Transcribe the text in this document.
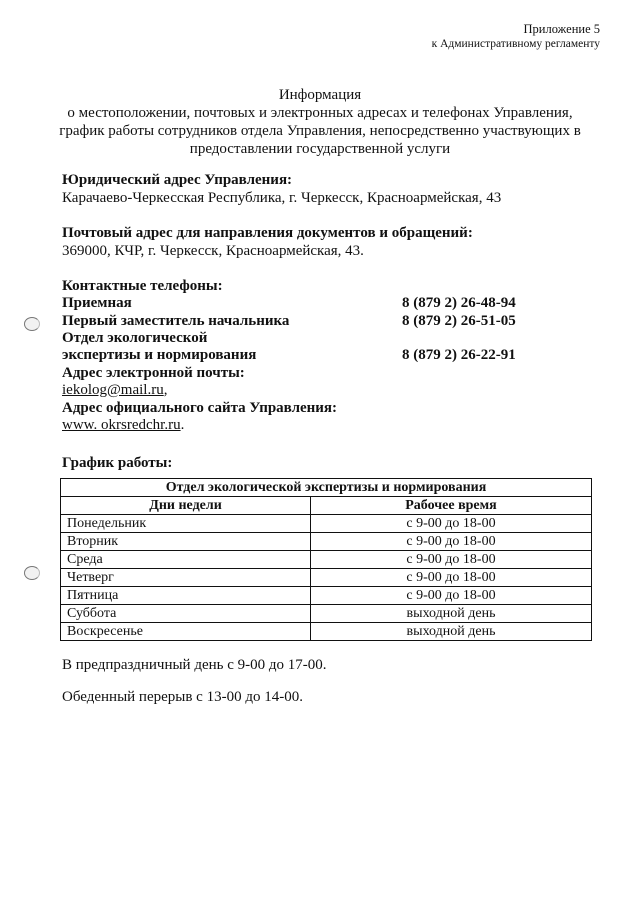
Приложение 5
к Административному регламенту
Информация
о местоположении, почтовых и электронных адресах и телефонах Управления,
график работы сотрудников отдела Управления, непосредственно участвующих в
предоставлении государственной услуги
Юридический адрес Управления:
Карачаево-Черкесская Республика, г. Черкесск, Красноармейская, 43
Почтовый адрес для направления документов и обращений:
369000, КЧР, г. Черкесск, Красноармейская, 43.
Контактные телефоны:
Приемная	8 (879 2) 26-48-94
Первый заместитель начальника	8 (879 2) 26-51-05
Отдел экологической
экспертизы и нормирования	8 (879 2) 26-22-91
Адрес электронной почты:
iekolog@mail.ru,
Адрес официального сайта Управления:
www. okrsredchr.ru.
График работы:
Отдел экологической экспертизы и нормирования	
Дни недели	Рабочее время
Понедельник	с 9-00 до 18-00
Вторник	с 9-00 до 18-00
Среда	с 9-00 до 18-00
Четверг	с 9-00 до 18-00
Пятница	с 9-00 до 18-00
Суббота	выходной день
Воскресенье	выходной день
В предпраздничный день с 9-00 до 17-00.
Обеденный перерыв с 13-00 до 14-00.
